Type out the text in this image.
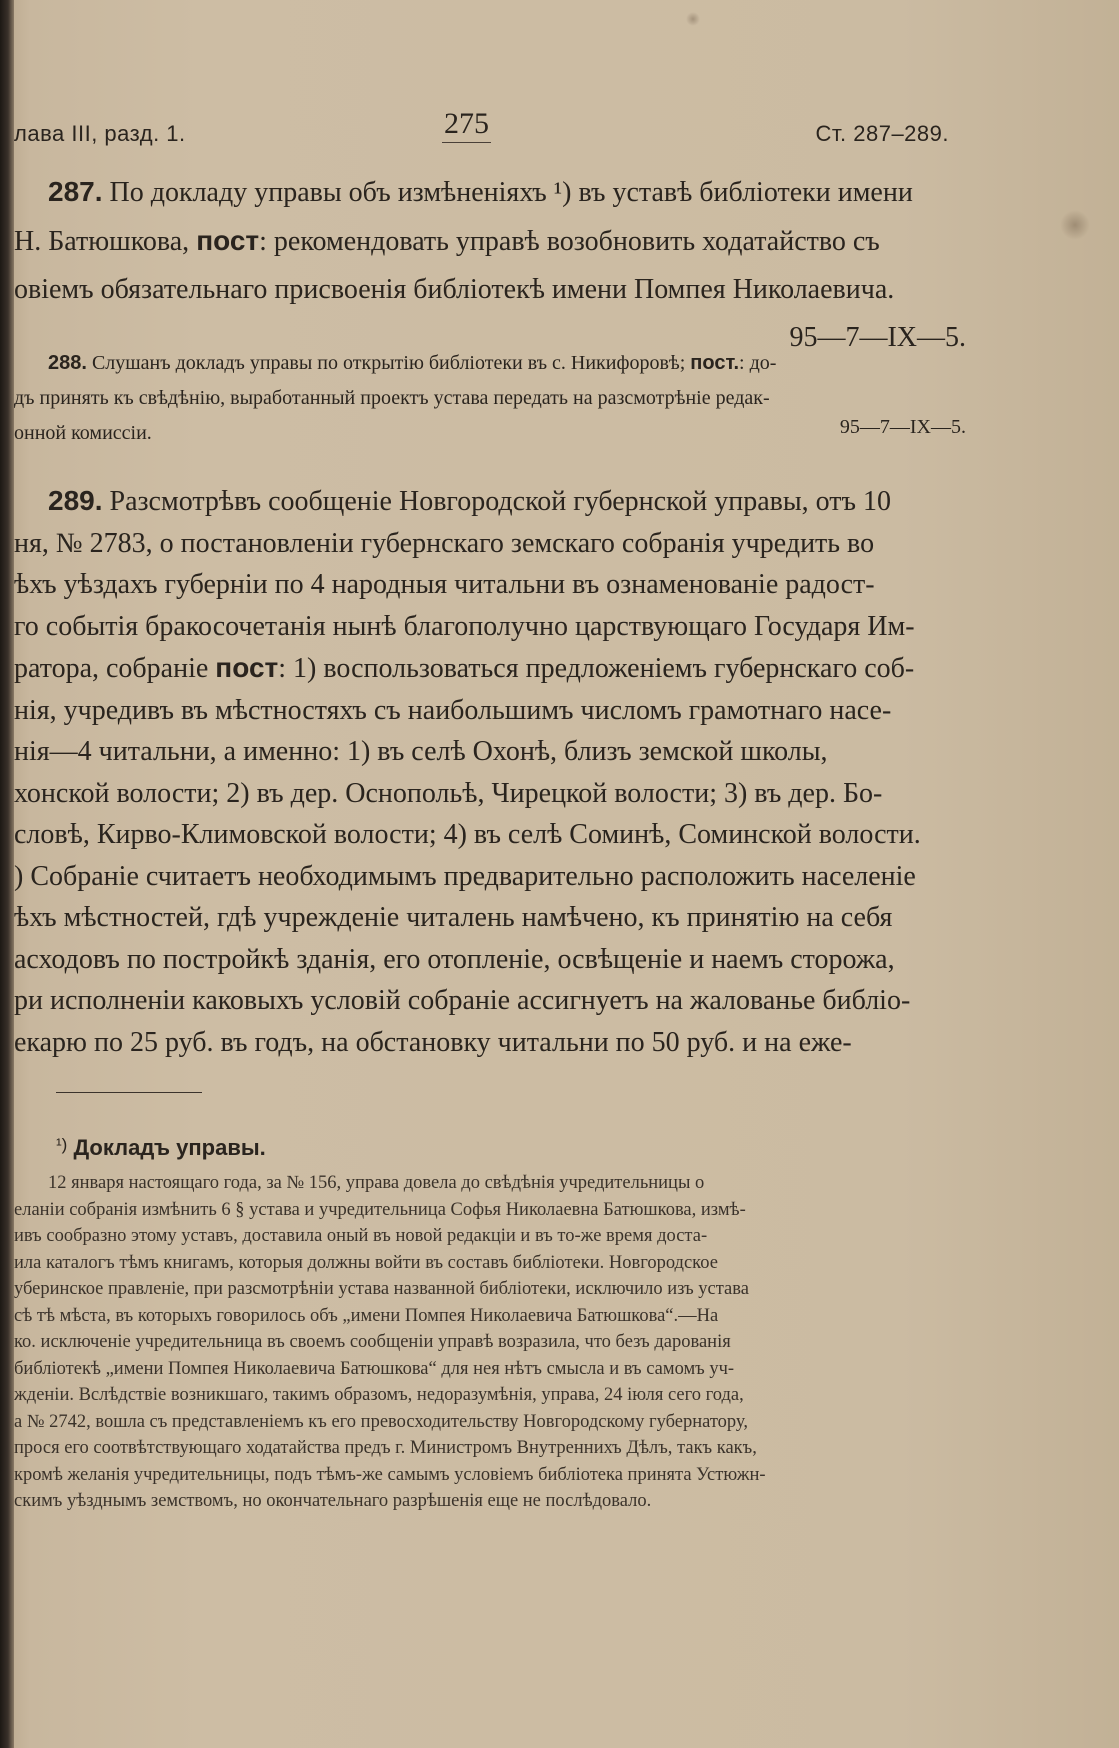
лава III, разд. 1.	275	Ст. 287–289.
287. По докладу управы объ измѣненіяхъ ¹) въ уставѣ библіотеки имени
Н. Батюшкова, пост: рекомендовать управѣ возобновить ходатайство съ
овіемъ обязательнаго присвоенія библіотекѣ имени Помпея Николаевича.
95—7—IX—5.
288. Слушанъ докладъ управы по открытію библіотеки въ с. Никифоровѣ; пост.: до-
дъ принять къ свѣдѣнію, выработанный проектъ устава передать на разсмотрѣніе редак-
онной комиссіи.	95—7—IX—5.
289. Разсмотрѣвъ сообщеніе Новгородской губернской управы, отъ 10
ня, № 2783, о постановленіи губернскаго земскаго собранія учредить во
ѣхъ уѣздахъ губерніи по 4 народныя читальни въ ознаменованіе радост-
го событія бракосочетанія нынѣ благополучно царствующаго Государя Им-
ратора, собраніе пост: 1) воспользоваться предложеніемъ губернскаго соб-
нія, учредивъ въ мѣстностяхъ съ наибольшимъ числомъ грамотнаго насе-
нія—4 читальни, а именно: 1) въ селѣ Охонѣ, близъ земской школы,
хонской волости; 2) въ дер. Оснопольѣ, Чирецкой волости; 3) въ дер. Бо-
словѣ, Кирво-Климовской волости; 4) въ селѣ Соминѣ, Соминской волости.
) Собраніе считаетъ необходимымъ предварительно расположить населеніе
ѣхъ мѣстностей, гдѣ учрежденіе читалень намѣчено, къ принятію на себя
асходовъ по постройкѣ зданія, его отопленіе, освѣщеніе и наемъ сторожа,
ри исполненіи каковыхъ условій собраніе ассигнуетъ на жалованье библіо-
екарю по 25 руб. въ годъ, на обстановку читальни по 50 руб. и на еже-
$^{^1)}$ Докладъ управы.
12 января настоящаго года, за № 156, управа довела до свѣдѣнія учредительницы о
еланіи собранія измѣнить 6 § устава и учредительница Софья Николаевна Батюшкова, измѣ-
ивъ сообразно этому уставъ, доставила оный въ новой редакціи и въ то-же время доста-
ила каталогъ тѣмъ книгамъ, которыя должны войти въ составъ библіотеки. Новгородское
уберинское правленіе, при разсмотрѣніи устава названной библіотеки, исключило изъ устава
сѣ тѣ мѣста, въ которыхъ говорилось объ „имени Помпея Николаевича Батюшкова“.—На
ко. исключеніе учредительница въ своемъ сообщеніи управѣ возразила, что безъ дарованія
библіотекѣ „имени Помпея Николаевича Батюшкова“ для нея нѣтъ смысла и въ самомъ уч-
жденіи. Вслѣдствіе возникшаго, такимъ образомъ, недоразумѣнія, управа, 24 іюля сего года,
а № 2742, вошла съ представленіемъ къ его превосходительству Новгородскому губернатору,
прося его соотвѣтствующаго ходатайства предъ г. Министромъ Внутреннихъ Дѣлъ, такъ какъ,
кромѣ желанія учредительницы, подъ тѣмъ-же самымъ условіемъ библіотека принята Устюжн-
скимъ уѣзднымъ земствомъ, но окончательнаго разрѣшенія еще не послѣдовало.
